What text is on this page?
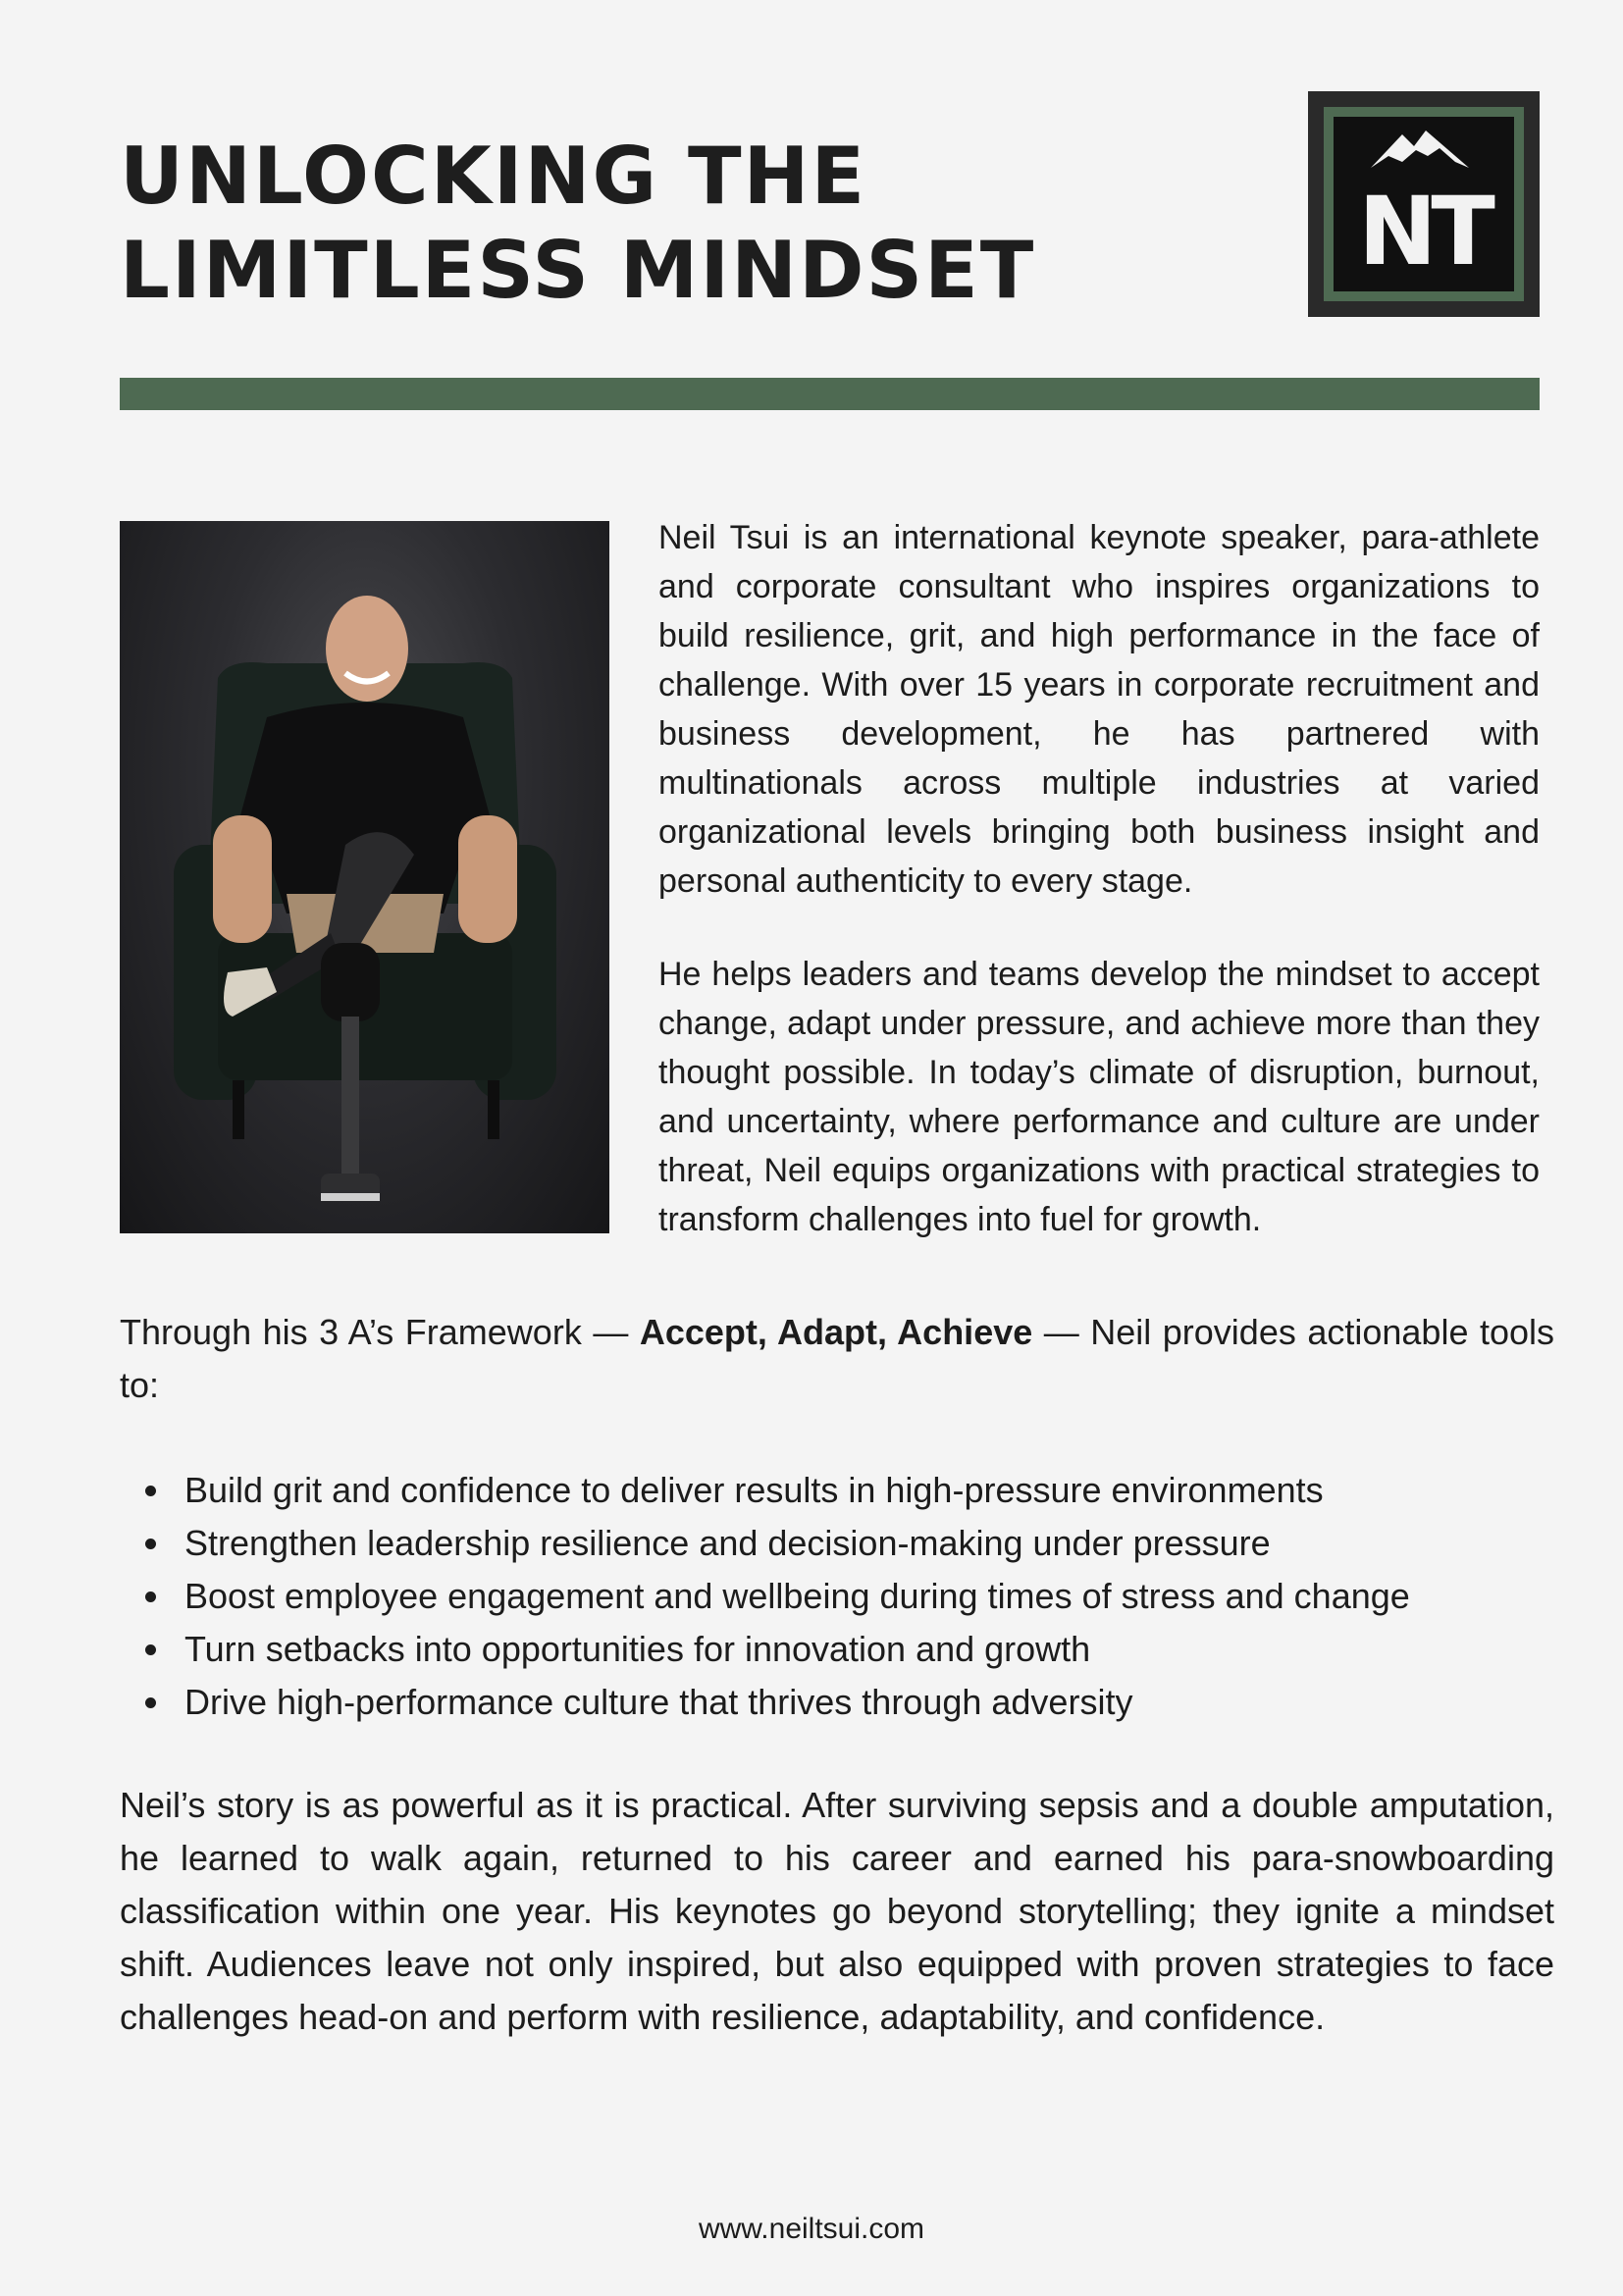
UNLOCKING THE
LIMITLESS MINDSET	NT

Neil Tsui is an international keynote speaker, para-athlete and corporate consultant who inspires organizations to build resilience, grit, and high performance in the face of challenge. With over 15 years in corporate recruitment and business development, he has partnered with multinationals across multiple industries at varied organizational levels bringing both business insight and personal authenticity to every stage.

He helps leaders and teams develop the mindset to accept change, adapt under pressure, and achieve more than they thought possible. In today’s climate of disruption, burnout, and uncertainty, where performance and culture are under threat, Neil equips organizations with practical strategies to transform challenges into fuel for growth.

Through his 3 A’s Framework — Accept, Adapt, Achieve — Neil provides actionable tools to:

Build grit and confidence to deliver results in high-pressure environments
Strengthen leadership resilience and decision-making under pressure
Boost employee engagement and wellbeing during times of stress and change
Turn setbacks into opportunities for innovation and growth
Drive high-performance culture that thrives through adversity

Neil’s story is as powerful as it is practical. After surviving sepsis and a double amputation, he learned to walk again, returned to his career and earned his para-snowboarding classification within one year. His keynotes go beyond storytelling; they ignite a mindset shift. Audiences leave not only inspired, but also equipped with proven strategies to face challenges head-on and perform with resilience, adaptability, and confidence.

www.neiltsui.com
